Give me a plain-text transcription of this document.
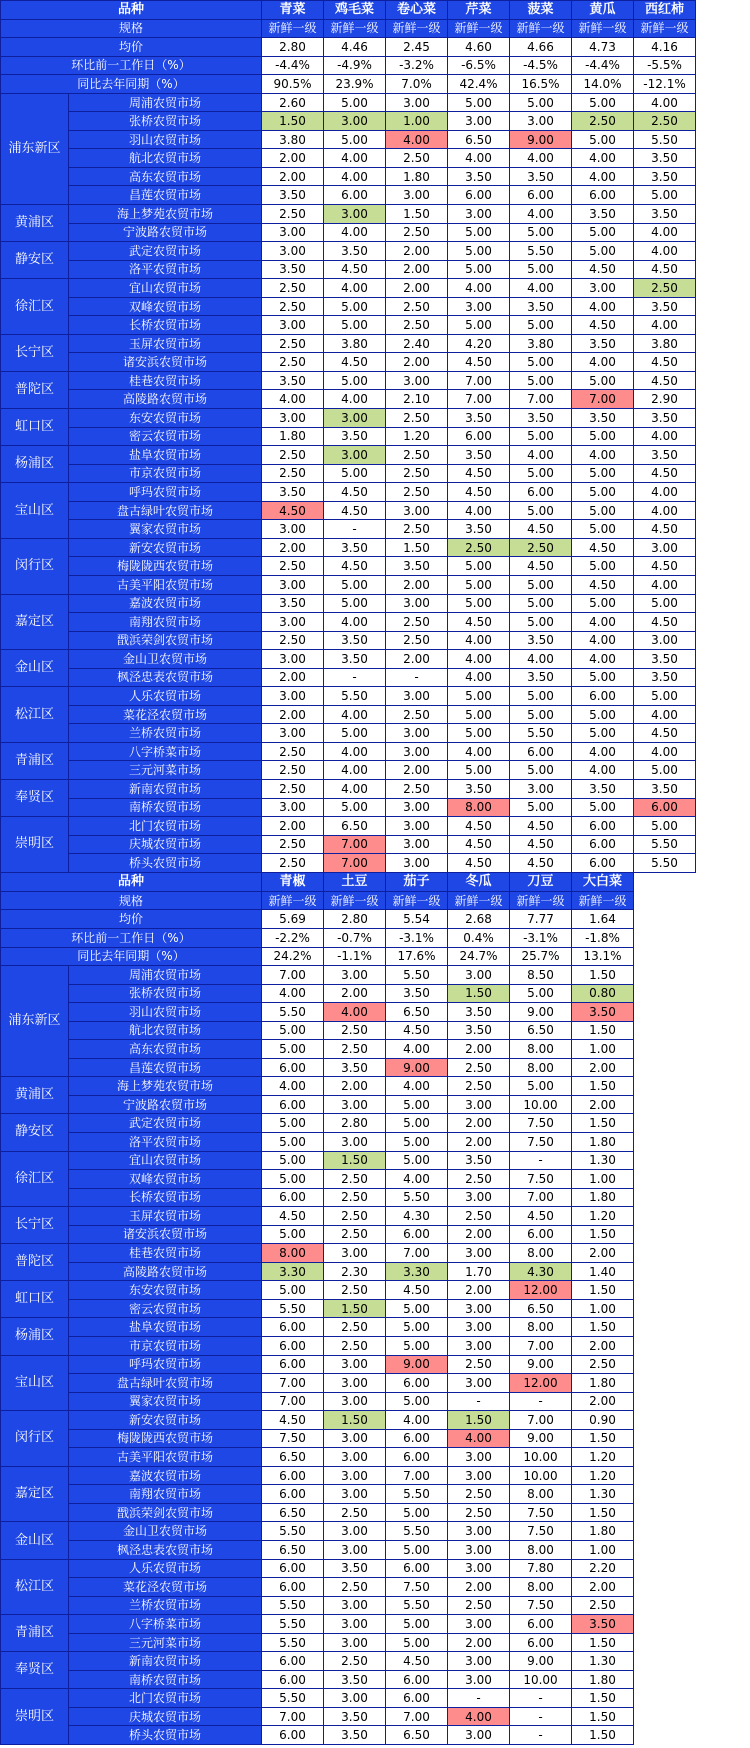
品种		青菜	鸡毛菜	卷心菜	芹菜	菠菜	黄瓜	西红柿
规格		新鲜一级	新鲜一级	新鲜一级	新鲜一级	新鲜一级	新鲜一级	新鲜一级
均价		2.80	4.46	2.45	4.60	4.66	4.73	4.16
环比前一工作日（%）		-4.4%	-4.9%	-3.2%	-6.5%	-4.5%	-4.4%	-5.5%
同比去年同期（%）		90.5%	23.9%	7.0%	42.4%	16.5%	14.0%	-12.1%
浦东新区	周浦农贸市场	2.60	5.00	3.00	5.00	5.00	5.00	4.00
	张桥农贸市场	1.50	3.00	1.00	3.00	3.00	2.50	2.50
	羽山农贸市场	3.80	5.00	4.00	6.50	9.00	5.00	5.50
	航北农贸市场	2.00	4.00	2.50	4.00	4.00	4.00	3.50
	高东农贸市场	2.00	4.00	1.80	3.50	3.50	4.00	3.50
	昌莲农贸市场	3.50	6.00	3.00	6.00	6.00	6.00	5.00
黄浦区	海上梦苑农贸市场	2.50	3.00	1.50	3.00	4.00	3.50	3.50
	宁波路农贸市场	3.00	4.00	2.50	5.00	5.00	5.00	4.00
静安区	武定农贸市场	3.00	3.50	2.00	5.00	5.50	5.00	4.00
	洛平农贸市场	3.50	4.50	2.00	5.00	5.00	4.50	4.50
徐汇区	宜山农贸市场	2.50	4.00	2.00	4.00	4.00	3.00	2.50
	双峰农贸市场	2.50	5.00	2.50	3.00	3.50	4.00	3.50
	长桥农贸市场	3.00	5.00	2.50	5.00	5.00	4.50	4.00
长宁区	玉屏农贸市场	2.50	3.80	2.40	4.20	3.80	3.50	3.80
	诸安浜农贸市场	2.50	4.50	2.00	4.50	5.00	4.00	4.50
普陀区	桂巷农贸市场	3.50	5.00	3.00	7.00	5.00	5.00	4.50
	高陵路农贸市场	4.00	4.00	2.10	7.00	7.00	7.00	2.90
虹口区	东安农贸市场	3.00	3.00	2.50	3.50	3.50	3.50	3.50
	密云农贸市场	1.80	3.50	1.20	6.00	5.00	5.00	4.00
杨浦区	盐阜农贸市场	2.50	3.00	2.50	3.50	4.00	4.00	3.50
	市京农贸市场	2.50	5.00	2.50	4.50	5.00	5.00	4.50
宝山区	呼玛农贸市场	3.50	4.50	2.50	4.50	6.00	5.00	4.00
	盘古绿叶农贸市场	4.50	4.50	3.00	4.00	5.00	5.00	4.00
	翼家农贸市场	3.00	-	2.50	3.50	4.50	5.00	4.50
闵行区	新安农贸市场	2.00	3.50	1.50	2.50	2.50	4.50	3.00
	梅陇陇西农贸市场	2.50	4.50	3.50	5.00	4.50	5.00	4.50
	古美平阳农贸市场	3.00	5.00	2.00	5.00	5.00	4.50	4.00
嘉定区	嘉波农贸市场	3.50	5.00	3.00	5.00	5.00	5.00	5.00
	南翔农贸市场	3.00	4.00	2.50	4.50	5.00	4.00	4.50
	戬浜荣剑农贸市场	2.50	3.50	2.50	4.00	3.50	4.00	3.00
金山区	金山卫农贸市场	3.00	3.50	2.00	4.00	4.00	4.00	3.50
	枫泾忠表农贸市场	2.00	-	-	4.00	3.50	5.00	3.50
松江区	人乐农贸市场	3.00	5.50	3.00	5.00	5.00	6.00	5.00
	菜花泾农贸市场	2.00	4.00	2.50	5.00	5.00	5.00	4.00
	兰桥农贸市场	3.00	5.00	3.00	5.00	5.50	5.00	4.50
青浦区	八字桥菜市场	2.50	4.00	3.00	4.00	6.00	4.00	4.00
	三元河菜市场	2.50	4.00	2.00	5.00	5.00	4.00	5.00
奉贤区	新南农贸市场	2.50	4.00	2.50	3.50	3.00	3.50	3.50
	南桥农贸市场	3.00	5.00	3.00	8.00	5.00	5.00	6.00
崇明区	北门农贸市场	2.00	6.50	3.00	4.50	4.50	6.00	5.00
	庆城农贸市场	2.50	7.00	3.00	4.50	4.50	6.00	5.50
	桥头农贸市场	2.50	7.00	3.00	4.50	4.50	6.00	5.50
品种		青椒	土豆	茄子	冬瓜	刀豆	大白菜
规格		新鲜一级	新鲜一级	新鲜一级	新鲜一级	新鲜一级	新鲜一级
均价		5.69	2.80	5.54	2.68	7.77	1.64
环比前一工作日（%）		-2.2%	-0.7%	-3.1%	0.4%	-3.1%	-1.8%
同比去年同期（%）		24.2%	-1.1%	17.6%	24.7%	25.7%	13.1%
浦东新区	周浦农贸市场	7.00	3.00	5.50	3.00	8.50	1.50
	张桥农贸市场	4.00	2.00	3.50	1.50	5.00	0.80
	羽山农贸市场	5.50	4.00	6.50	3.50	9.00	3.50
	航北农贸市场	5.00	2.50	4.50	3.50	6.50	1.50
	高东农贸市场	5.00	2.50	4.00	2.00	8.00	1.00
	昌莲农贸市场	6.00	3.50	9.00	2.50	8.00	2.00
黄浦区	海上梦苑农贸市场	4.00	2.00	4.00	2.50	5.00	1.50
	宁波路农贸市场	6.00	3.00	5.00	3.00	10.00	2.00
静安区	武定农贸市场	5.00	2.80	5.00	2.00	7.50	1.50
	洛平农贸市场	5.00	3.00	5.00	2.00	7.50	1.80
徐汇区	宜山农贸市场	5.00	1.50	5.00	3.50	-	1.30
	双峰农贸市场	5.00	2.50	4.00	2.50	7.50	1.00
	长桥农贸市场	6.00	2.50	5.50	3.00	7.00	1.80
长宁区	玉屏农贸市场	4.50	2.50	4.30	2.50	4.50	1.20
	诸安浜农贸市场	5.00	2.50	6.00	2.00	6.00	1.50
普陀区	桂巷农贸市场	8.00	3.00	7.00	3.00	8.00	2.00
	高陵路农贸市场	3.30	2.30	3.30	1.70	4.30	1.40
虹口区	东安农贸市场	5.00	2.50	4.50	2.00	12.00	1.50
	密云农贸市场	5.50	1.50	5.00	3.00	6.50	1.00
杨浦区	盐阜农贸市场	6.00	2.50	5.00	3.00	8.00	1.50
	市京农贸市场	6.00	2.50	5.00	3.00	7.00	2.00
宝山区	呼玛农贸市场	6.00	3.00	9.00	2.50	9.00	2.50
	盘古绿叶农贸市场	7.00	3.00	6.00	3.00	12.00	1.80
	翼家农贸市场	7.00	3.00	5.00	-	-	2.00
闵行区	新安农贸市场	4.50	1.50	4.00	1.50	7.00	0.90
	梅陇陇西农贸市场	7.50	3.00	6.00	4.00	9.00	1.50
	古美平阳农贸市场	6.50	3.00	6.00	3.00	10.00	1.20
嘉定区	嘉波农贸市场	6.00	3.00	7.00	3.00	10.00	1.20
	南翔农贸市场	6.00	3.00	5.50	2.50	8.00	1.30
	戬浜荣剑农贸市场	6.50	2.50	5.00	2.50	7.50	1.50
金山区	金山卫农贸市场	5.50	3.00	5.50	3.00	7.50	1.80
	枫泾忠表农贸市场	6.50	3.00	5.00	3.00	8.00	1.00
松江区	人乐农贸市场	6.00	3.50	6.00	3.00	7.80	2.20
	菜花泾农贸市场	6.00	2.50	7.50	2.00	8.00	2.00
	兰桥农贸市场	5.50	3.00	5.50	2.50	7.50	2.50
青浦区	八字桥菜市场	5.50	3.00	5.00	3.00	6.00	3.50
	三元河菜市场	5.50	3.00	5.00	2.00	6.00	1.50
奉贤区	新南农贸市场	6.00	2.50	4.50	3.00	9.00	1.30
	南桥农贸市场	6.00	3.50	6.00	3.00	10.00	1.80
崇明区	北门农贸市场	5.50	3.00	6.00	-	-	1.50
	庆城农贸市场	7.00	3.50	7.00	4.00	-	1.50
	桥头农贸市场	6.00	3.50	6.50	3.00	-	1.50
